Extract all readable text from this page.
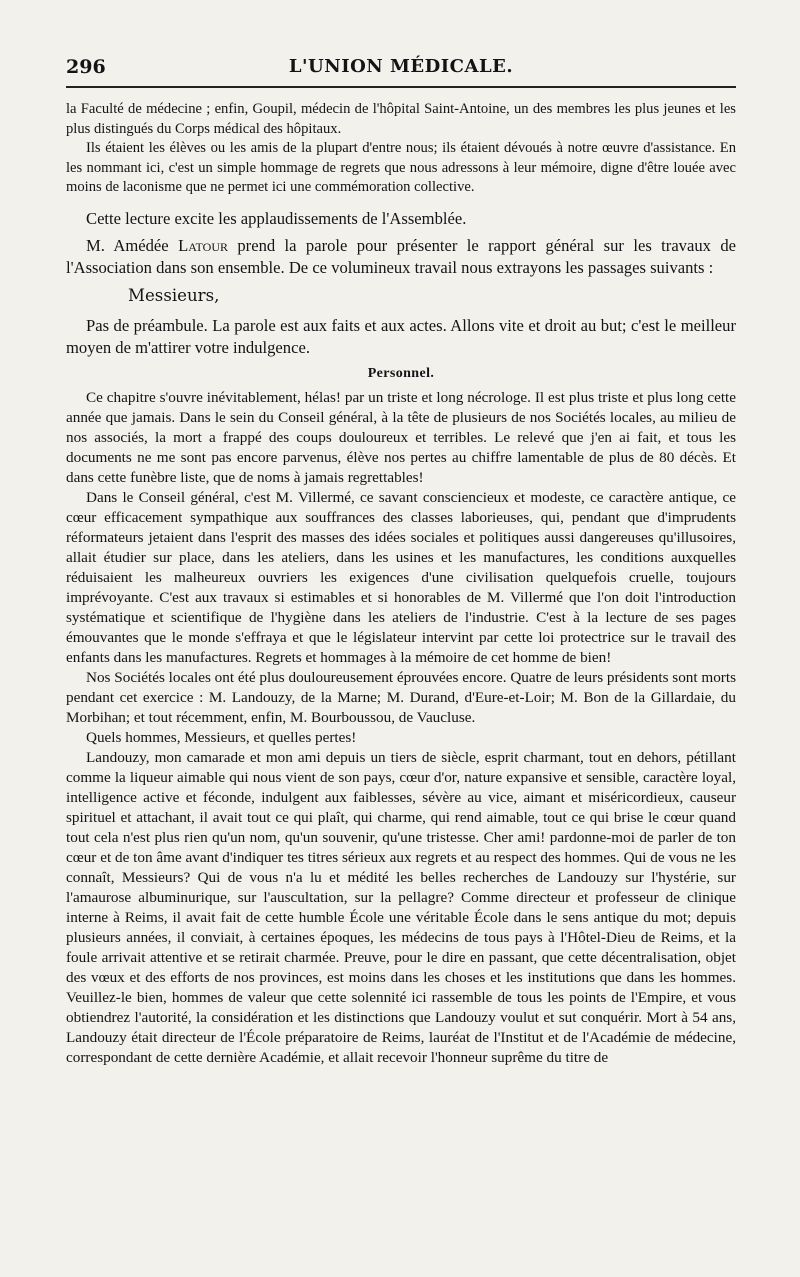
296	L'UNION MÉDICALE.

la Faculté de médecine ; enfin, Goupil, médecin de l'hôpital Saint-Antoine, un des membres les plus jeunes et les plus distingués du Corps médical des hôpitaux.

Ils étaient les élèves ou les amis de la plupart d'entre nous; ils étaient dévoués à notre œuvre d'assistance. En les nommant ici, c'est un simple hommage de regrets que nous adressons à leur mémoire, digne d'être louée avec moins de laconisme que ne permet ici une commémoration collective.

Cette lecture excite les applaudissements de l'Assemblée.

M. Amédée Latour prend la parole pour présenter le rapport général sur les travaux de l'Association dans son ensemble. De ce volumineux travail nous extrayons les passages suivants :

Messieurs,

Pas de préambule. La parole est aux faits et aux actes. Allons vite et droit au but; c'est le meilleur moyen de m'attirer votre indulgence.

Personnel.

Ce chapitre s'ouvre inévitablement, hélas! par un triste et long nécrologe. Il est plus triste et plus long cette année que jamais. Dans le sein du Conseil général, à la tête de plusieurs de nos Sociétés locales, au milieu de nos associés, la mort a frappé des coups douloureux et terribles. Le relevé que j'en ai fait, et tous les documents ne me sont pas encore parvenus, élève nos pertes au chiffre lamentable de plus de 80 décès. Et dans cette funèbre liste, que de noms à jamais regrettables!

Dans le Conseil général, c'est M. Villermé, ce savant consciencieux et modeste, ce caractère antique, ce cœur efficacement sympathique aux souffrances des classes laborieuses, qui, pendant que d'imprudents réformateurs jetaient dans l'esprit des masses des idées sociales et politiques aussi dangereuses qu'illusoires, allait étudier sur place, dans les ateliers, dans les usines et les manufactures, les conditions auxquelles réduisaient les malheureux ouvriers les exigences d'une civilisation quelquefois cruelle, toujours imprévoyante. C'est aux travaux si estimables et si honorables de M. Villermé que l'on doit l'introduction systématique et scientifique de l'hygiène dans les ateliers de l'industrie. C'est à la lecture de ses pages émouvantes que le monde s'effraya et que le législateur intervint par cette loi protectrice sur le travail des enfants dans les manufactures. Regrets et hommages à la mémoire de cet homme de bien!

Nos Sociétés locales ont été plus douloureusement éprouvées encore. Quatre de leurs présidents sont morts pendant cet exercice : M. Landouzy, de la Marne; M. Durand, d'Eure-et-Loir; M. Bon de la Gillardaie, du Morbihan; et tout récemment, enfin, M. Bourboussou, de Vaucluse.

Quels hommes, Messieurs, et quelles pertes!

Landouzy, mon camarade et mon ami depuis un tiers de siècle, esprit charmant, tout en dehors, pétillant comme la liqueur aimable qui nous vient de son pays, cœur d'or, nature expansive et sensible, caractère loyal, intelligence active et féconde, indulgent aux faiblesses, sévère au vice, aimant et miséricordieux, causeur spirituel et attachant, il avait tout ce qui plaît, qui charme, qui rend aimable, tout ce qui brise le cœur quand tout cela n'est plus rien qu'un nom, qu'un souvenir, qu'une tristesse. Cher ami! pardonne-moi de parler de ton cœur et de ton âme avant d'indiquer tes titres sérieux aux regrets et au respect des hommes. Qui de vous ne les connaît, Messieurs? Qui de vous n'a lu et médité les belles recherches de Landouzy sur l'hystérie, sur l'amaurose albuminurique, sur l'auscultation, sur la pellagre? Comme directeur et professeur de clinique interne à Reims, il avait fait de cette humble École une véritable École dans le sens antique du mot; depuis plusieurs années, il conviait, à certaines époques, les médecins de tous pays à l'Hôtel-Dieu de Reims, et la foule arrivait attentive et se retirait charmée. Preuve, pour le dire en passant, que cette décentralisation, objet des vœux et des efforts de nos provinces, est moins dans les choses et les institutions que dans les hommes. Veuillez-le bien, hommes de valeur que cette solennité ici rassemble de tous les points de l'Empire, et vous obtiendrez l'autorité, la considération et les distinctions que Landouzy voulut et sut conquérir. Mort à 54 ans, Landouzy était directeur de l'École préparatoire de Reims, lauréat de l'Institut et de l'Académie de médecine, correspondant de cette dernière Académie, et allait recevoir l'honneur suprême du titre de
